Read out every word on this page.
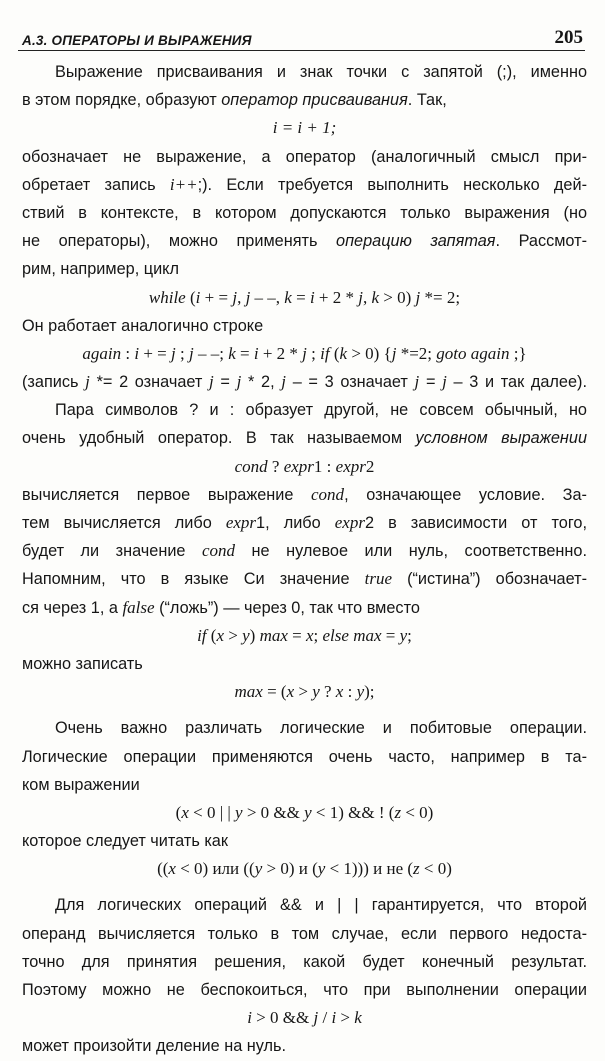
А.3. ОПЕРАТОРЫ И ВЫРАЖЕНИЯ	205
Выражение присваивания и знак точки с запятой (;), именно
в этом порядке, образуют оператор присваивания. Так,
i = i + 1;
обозначает не выражение, а оператор (аналогичный смысл при-
обретает запись i++;). Если требуется выполнить несколько дей-
ствий в контексте, в котором допускаются только выражения (но
не операторы), можно применять операцию запятая. Рассмот-
рим, например, цикл
while (i + = j, j – –, k = i + 2 * j, k > 0) j *= 2;
Он работает аналогично строке
again : i + = j ; j – –; k = i + 2 * j ; if (k > 0) {j *=2; goto again ;}
(запись j *= 2 означает j = j * 2, j – = 3 означает j = j – 3 и так далее).
Пара символов ? и : образует другой, не совсем обычный, но
очень удобный оператор. В так называемом условном выражении
cond ? expr1 : expr2
вычисляется первое выражение cond, означающее условие. За-
тем вычисляется либо expr1, либо expr2 в зависимости от того,
будет ли значение cond не нулевое или нуль, соответственно.
Напомним, что в языке Си значение true (“истина”) обозначает-
ся через 1, а false (“ложь”) — через 0, так что вместо
if (x > y) max = x; else max = y;
можно записать
max = (x > y ? x : y);
Очень важно различать логические и побитовые операции.
Логические операции применяются очень часто, например в та-
ком выражении
(x < 0 | | y > 0 && y < 1) && ! (z < 0)
которое следует читать как
((x < 0) или ((y > 0) и (y < 1))) и не (z < 0)
Для логических операций && и | | гарантируется, что второй
операнд вычисляется только в том случае, если первого недоста-
точно для принятия решения, какой будет конечный результат.
Поэтому можно не беспокоиться, что при выполнении операции
i > 0 && j / i > k
может произойти деление на нуль.
